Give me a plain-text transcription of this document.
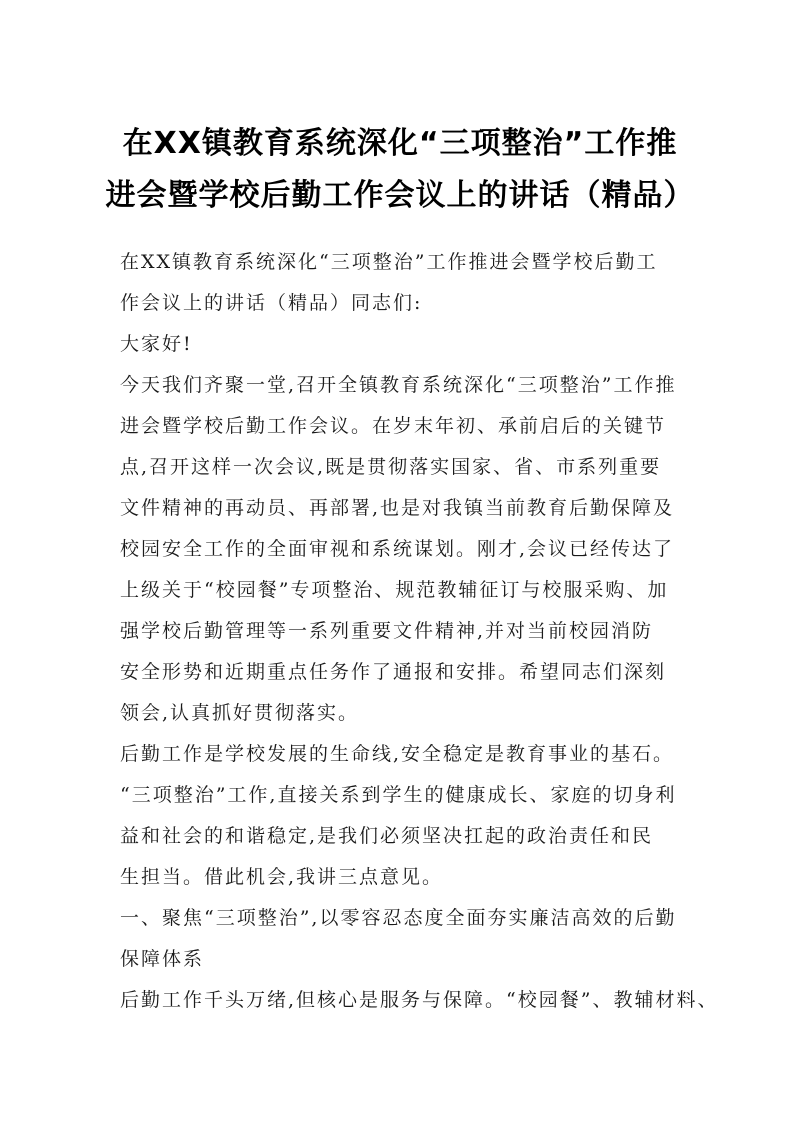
在XX镇教育系统深化“三项整治”工作推
进会暨学校后勤工作会议上的讲话（精品）
在XX镇教育系统深化“三项整治”工作推进会暨学校后勤工
作会议上的讲话（精品）同志们:
大家好!
今天我们齐聚一堂,召开全镇教育系统深化“三项整治”工作推
进会暨学校后勤工作会议。在岁末年初、承前启后的关键节
点,召开这样一次会议,既是贯彻落实国家、省、市系列重要
文件精神的再动员、再部署,也是对我镇当前教育后勤保障及
校园安全工作的全面审视和系统谋划。刚才,会议已经传达了
上级关于“校园餐”专项整治、规范教辅征订与校服采购、加
强学校后勤管理等一系列重要文件精神,并对当前校园消防
安全形势和近期重点任务作了通报和安排。希望同志们深刻
领会,认真抓好贯彻落实。
后勤工作是学校发展的生命线,安全稳定是教育事业的基石。
“三项整治”工作,直接关系到学生的健康成长、家庭的切身利
益和社会的和谐稳定,是我们必须坚决扛起的政治责任和民
生担当。借此机会,我讲三点意见。
一、聚焦“三项整治”,以零容忍态度全面夯实廉洁高效的后勤
保障体系
后勤工作千头万绪,但核心是服务与保障。“校园餐”、教辅材料、
